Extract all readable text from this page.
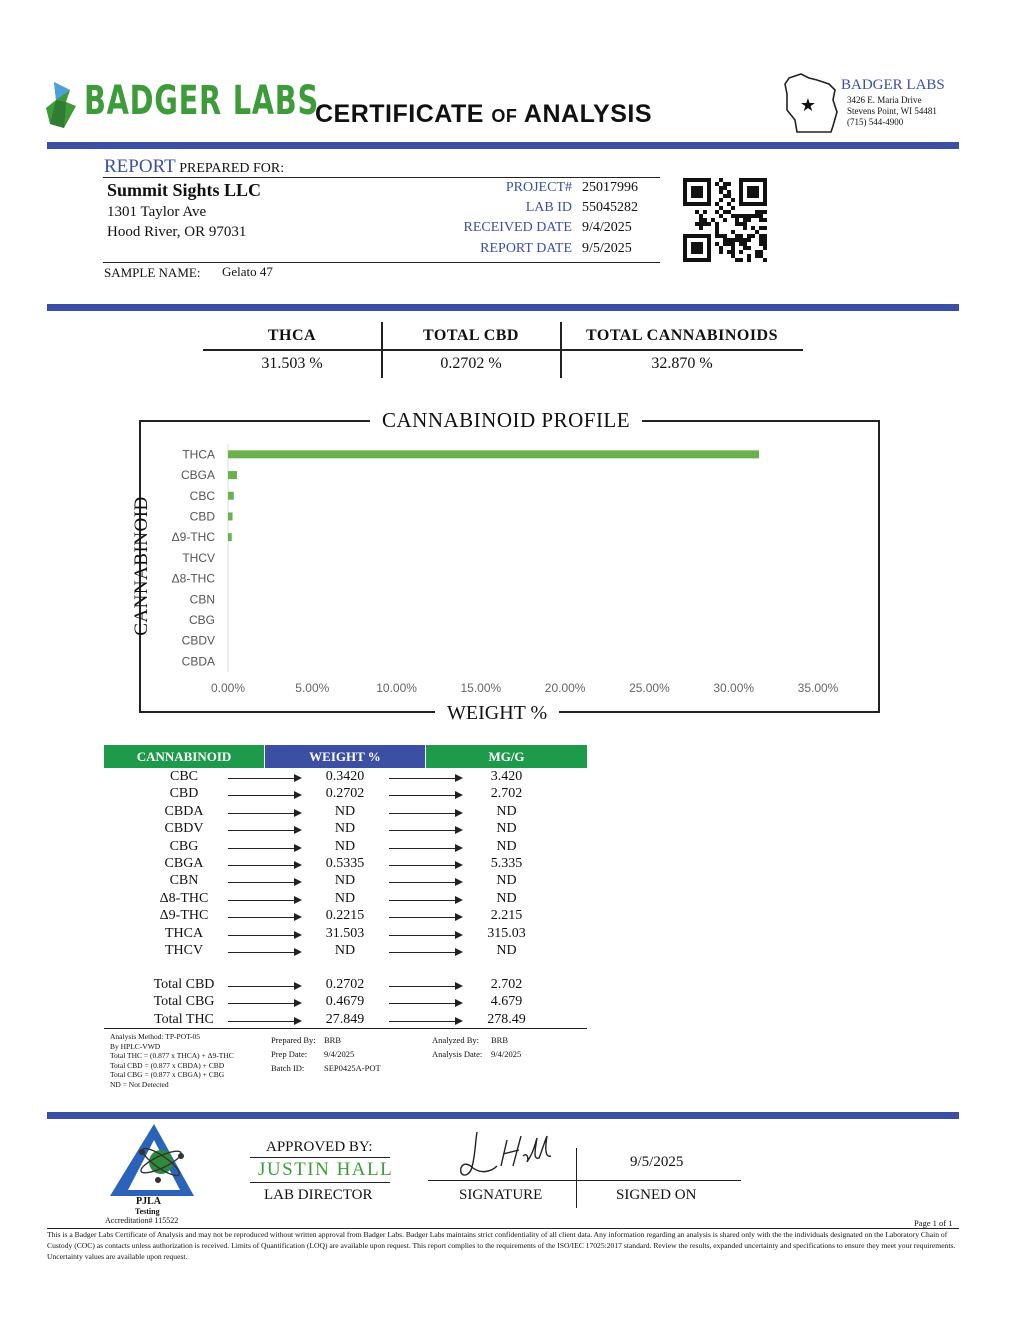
BADGER LABS
CERTIFICATE OF ANALYSIS	★
BADGER LABS
3426 E. Maria Drive
Stevens Point, WI 54481
(715) 544-4900
REPORT PREPARED FOR:
Summit Sights LLC
1301 Taylor Ave
Hood River, OR 97031
PROJECT# 25017996
LAB ID 55045282
RECEIVED DATE 9/4/2025
REPORT DATE 9/5/2025
SAMPLE NAME: Gelato 47
THCA
31.503 %
TOTAL CBD
0.2702 %
TOTAL CANNABINOIDS
32.870 %
CANNABINOID PROFILE
WEIGHT %
CANNABINOID
THCA
CBGA
CBC
CBD
Δ9-THC
THCV
Δ8-THC
CBN
CBG
CBDV
CBDA
0.00%	5.00%	10.00%	15.00%	20.00%	25.00%	30.00%	35.00%
CANNABINOID	WEIGHT %	MG/G
CBC	0.3420	3.420
CBD	0.2702	2.702
CBDA	ND	ND
CBDV	ND	ND
CBG	ND	ND
CBGA	0.5335	5.335
CBN	ND	ND
Δ8-THC	ND	ND
Δ9-THC	0.2215	2.215
THCA	31.503	315.03
THCV	ND	ND
Total CBD	0.2702	2.702
Total CBG	0.4679	4.679
Total THC	27.849	278.49
Analysis Method: TP-POT-05
By HPLC-VWD
Total THC = (0.877 x THCA) + Δ9-THC
Total CBD = (0.877 x CBDA) + CBD
Total CBG = (0.877 x CBGA) + CBG
ND = Not Detected
Prepared By: BRB
Prep Date: 9/4/2025
Batch ID: SEP0425A-POT
Analyzed By: BRB
Analysis Date: 9/4/2025
PJLA
Testing
Accreditation# 115522
APPROVED BY:
JUSTIN HALL
LAB DIRECTOR	SIGNATURE
9/5/2025
SIGNED ON
Page 1 of 1
This is a Badger Labs Certificate of Analysis and may not be reproduced without written approval from Badger Labs. Badger Labs maintains strict confidentiality of all client data. Any information regarding an analysis is shared only with the the individuals designated on the Laboratory Chain of Custody (COC) as contacts unless authorization is received. Limits of Quantification (LOQ) are available upon request. This report complies to the requirements of the ISO/IEC 17025:2017 standard. Review the results, expanded uncertainty and specifications to ensure they meet your requirements. Uncertainty values are available upon request.
